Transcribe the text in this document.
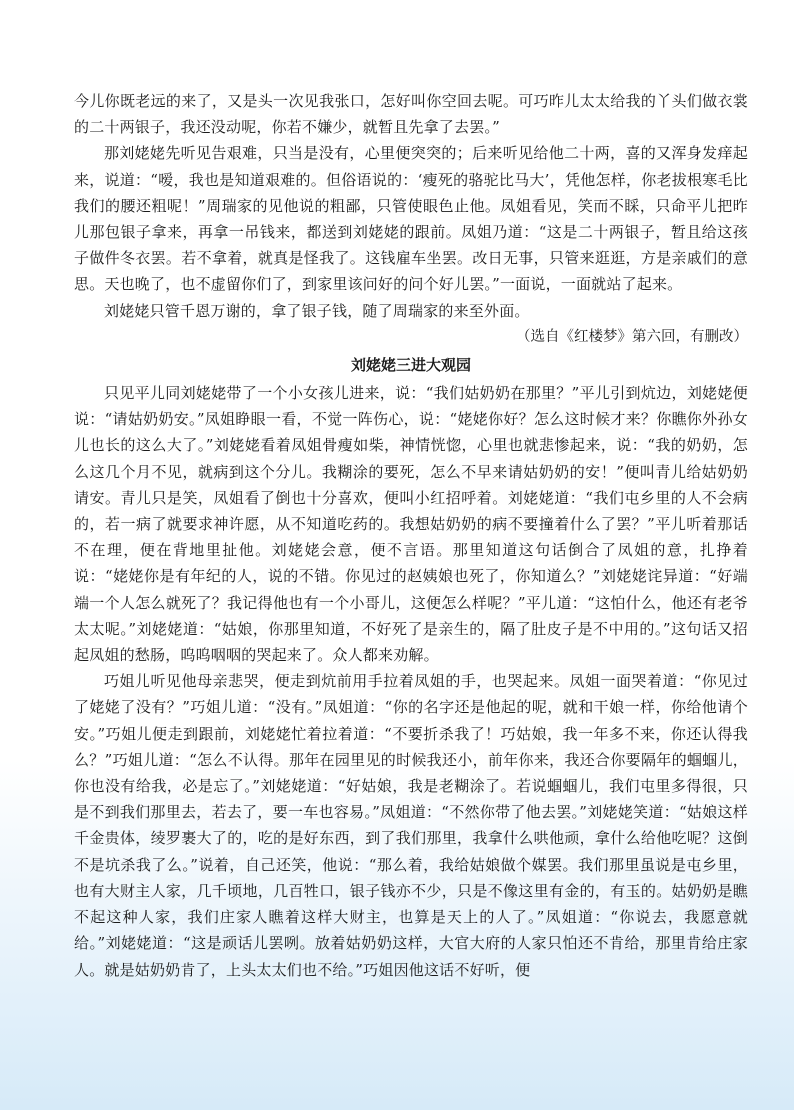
今儿你既老远的来了，又是头一次见我张口，怎好叫你空回去呢。可巧昨儿太太给我的丫头们做衣裳的二十两银子，我还没动呢，你若不嫌少，就暂且先拿了去罢。”

那刘姥姥先听见告艰难，只当是没有，心里便突突的；后来听见给他二十两，喜的又浑身发痒起来，说道：“嗳，我也是知道艰难的。但俗语说的：‘瘦死的骆驼比马大’，凭他怎样，你老拔根寒毛比我们的腰还粗呢！”周瑞家的见他说的粗鄙，只管使眼色止他。凤姐看见，笑而不睬，只命平儿把昨儿那包银子拿来，再拿一吊钱来，都送到刘姥姥的跟前。凤姐乃道：“这是二十两银子，暂且给这孩子做件冬衣罢。若不拿着，就真是怪我了。这钱雇车坐罢。改日无事，只管来逛逛，方是亲戚们的意思。天也晚了，也不虚留你们了，到家里该问好的问个好儿罢。”一面说，一面就站了起来。

刘姥姥只管千恩万谢的，拿了银子钱，随了周瑞家的来至外面。

（选自《红楼梦》第六回，有删改）

刘姥姥三进大观园

只见平儿同刘姥姥带了一个小女孩儿进来，说：“我们姑奶奶在那里？”平儿引到炕边，刘姥姥便说：“请姑奶奶安。”凤姐睁眼一看，不觉一阵伤心，说：“姥姥你好？怎么这时候才来？你瞧你外孙女儿也长的这么大了。”刘姥姥看着凤姐骨瘦如柴，神情恍惚，心里也就悲惨起来，说：“我的奶奶，怎么这几个月不见，就病到这个分儿。我糊涂的要死，怎么不早来请姑奶奶的安！”便叫青儿给姑奶奶请安。青儿只是笑，凤姐看了倒也十分喜欢，便叫小红招呼着。刘姥姥道：“我们屯乡里的人不会病的，若一病了就要求神许愿，从不知道吃药的。我想姑奶奶的病不要撞着什么了罢？”平儿听着那话不在理，便在背地里扯他。刘姥姥会意，便不言语。那里知道这句话倒合了凤姐的意，扎挣着说：“姥姥你是有年纪的人，说的不错。你见过的赵姨娘也死了，你知道么？”刘姥姥诧异道：“好端端一个人怎么就死了？我记得他也有一个小哥儿，这便怎么样呢？”平儿道：“这怕什么，他还有老爷太太呢。”刘姥姥道：“姑娘，你那里知道，不好死了是亲生的，隔了肚皮子是不中用的。”这句话又招起凤姐的愁肠，呜呜咽咽的哭起来了。众人都来劝解。

巧姐儿听见他母亲悲哭，便走到炕前用手拉着凤姐的手，也哭起来。凤姐一面哭着道：“你见过了姥姥了没有？”巧姐儿道：“没有。”凤姐道：“你的名字还是他起的呢，就和干娘一样，你给他请个安。”巧姐儿便走到跟前，刘姥姥忙着拉着道：“不要折杀我了！巧姑娘，我一年多不来，你还认得我么？”巧姐儿道：“怎么不认得。那年在园里见的时候我还小，前年你来，我还合你要隔年的蝈蝈儿，你也没有给我，必是忘了。”刘姥姥道：“好姑娘，我是老糊涂了。若说蝈蝈儿，我们屯里多得很，只是不到我们那里去，若去了，要一车也容易。”凤姐道：“不然你带了他去罢。”刘姥姥笑道：“姑娘这样千金贵体，绫罗裹大了的，吃的是好东西，到了我们那里，我拿什么哄他顽，拿什么给他吃呢？这倒不是坑杀我了么。”说着，自己还笑，他说：“那么着，我给姑娘做个媒罢。我们那里虽说是屯乡里，也有大财主人家，几千顷地，几百牲口，银子钱亦不少，只是不像这里有金的，有玉的。姑奶奶是瞧不起这种人家，我们庄家人瞧着这样大财主，也算是天上的人了。”凤姐道：“你说去，我愿意就给。”刘姥姥道：“这是顽话儿罢咧。放着姑奶奶这样，大官大府的人家只怕还不肯给，那里肯给庄家人。就是姑奶奶肯了，上头太太们也不给。”巧姐因他这话不好听，便
